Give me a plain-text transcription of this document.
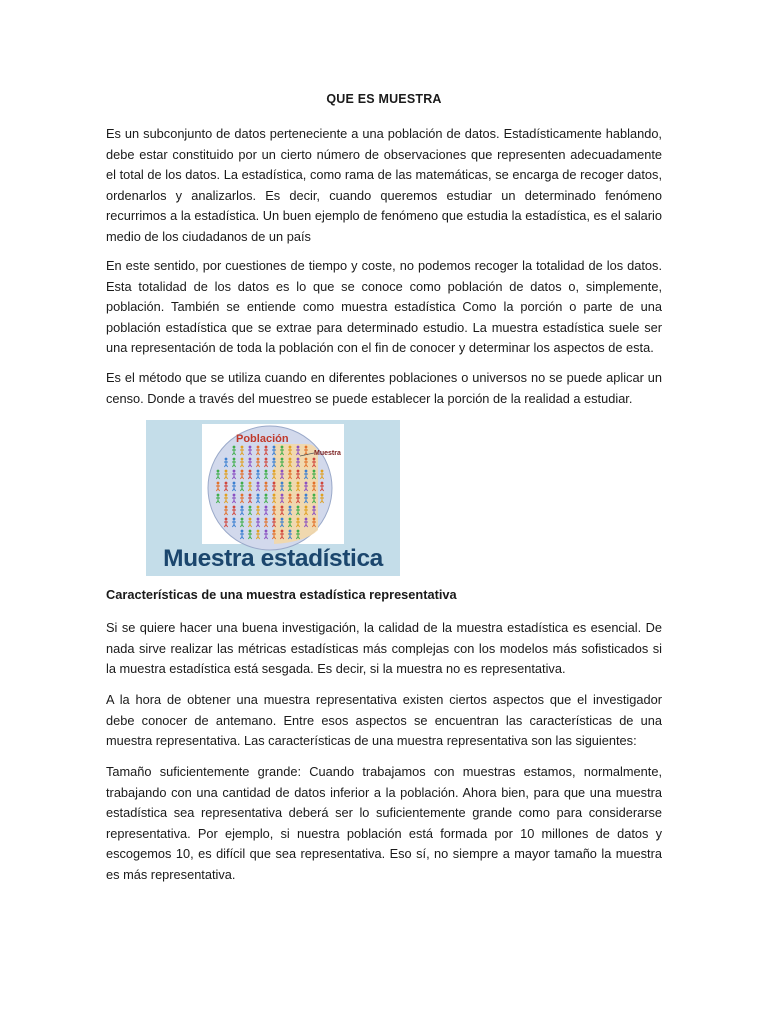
QUE ES MUESTRA

Es un subconjunto de datos perteneciente a una población de datos. Estadísticamente hablando, debe estar constituido por un cierto número de observaciones que representen adecuadamente el total de los datos. La estadística, como rama de las matemáticas, se encarga de recoger datos, ordenarlos y analizarlos. Es decir, cuando queremos estudiar un determinado fenómeno recurrimos a la estadística. Un buen ejemplo de fenómeno que estudia la estadística, es el salario medio de los ciudadanos de un país

En este sentido, por cuestiones de tiempo y coste, no podemos recoger la totalidad de los datos. Esta totalidad de los datos es lo que se conoce como población de datos o, simplemente, población. También se entiende como muestra estadística Como la porción o parte de una población estadística que se extrae para determinado estudio. La muestra estadística suele ser una representación de toda la población con el fin de conocer y determinar los aspectos de esta.

Es el método que se utiliza cuando en diferentes poblaciones o universos no se puede aplicar un censo. Donde a través del muestreo se puede establecer la porción de la realidad a estudiar.

Población
Muestra
Muestra estadística

Características de una muestra estadística representativa

Si se quiere hacer una buena investigación, la calidad de la muestra estadística es esencial. De nada sirve realizar las métricas estadísticas más complejas con los modelos más sofisticados si la muestra estadística está sesgada. Es decir, si la muestra no es representativa.

A la hora de obtener una muestra representativa existen ciertos aspectos que el investigador debe conocer de antemano. Entre esos aspectos se encuentran las características de una muestra representativa. Las características de una muestra representativa son las siguientes:

Tamaño suficientemente grande: Cuando trabajamos con muestras estamos, normalmente, trabajando con una cantidad de datos inferior a la población. Ahora bien, para que una muestra estadística sea representativa deberá ser lo suficientemente grande como para considerarse representativa. Por ejemplo, si nuestra población está formada por 10 millones de datos y escogemos 10, es difícil que sea representativa. Eso sí, no siempre a mayor tamaño la muestra es más representativa.
